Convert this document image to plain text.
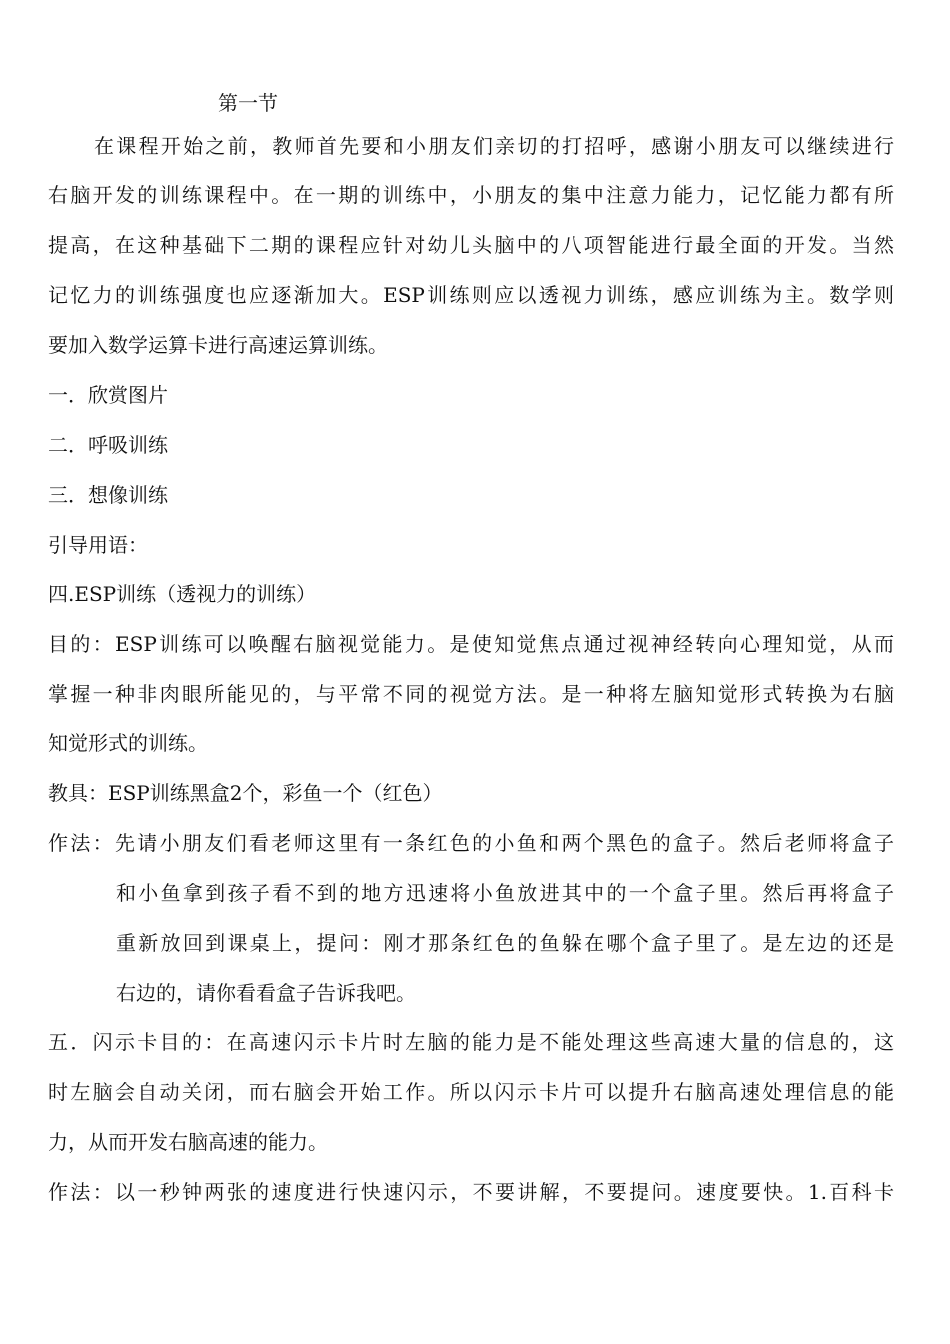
第一节

在课程开始之前，教师首先要和小朋友们亲切的打招呼，感谢小朋友可以继续进行

右脑开发的训练课程中。在一期的训练中，小朋友的集中注意力能力，记忆能力都有所

提高，在这种基础下二期的课程应针对幼儿头脑中的八项智能进行最全面的开发。当然

记忆力的训练强度也应逐渐加大。ESP训练则应以透视力训练，感应训练为主。数学则

要加入数学运算卡进行高速运算训练。

一．欣赏图片

二．呼吸训练

三．想像训练

引导用语：

四.ESP训练（透视力的训练）

目的：ESP训练可以唤醒右脑视觉能力。是使知觉焦点通过视神经转向心理知觉，从而

掌握一种非肉眼所能见的，与平常不同的视觉方法。是一种将左脑知觉形式转换为右脑

知觉形式的训练。

教具：ESP训练黑盒2个，彩鱼一个（红色）

作法：先请小朋友们看老师这里有一条红色的小鱼和两个黑色的盒子。然后老师将盒子

和小鱼拿到孩子看不到的地方迅速将小鱼放进其中的一个盒子里。然后再将盒子

重新放回到课桌上，提问：刚才那条红色的鱼躲在哪个盒子里了。是左边的还是

右边的，请你看看盒子告诉我吧。

五．闪示卡目的：在高速闪示卡片时左脑的能力是不能处理这些高速大量的信息的，这

时左脑会自动关闭，而右脑会开始工作。所以闪示卡片可以提升右脑高速处理信息的能

力，从而开发右脑高速的能力。

作法：以一秒钟两张的速度进行快速闪示，不要讲解，不要提问。速度要快。1.百科卡
